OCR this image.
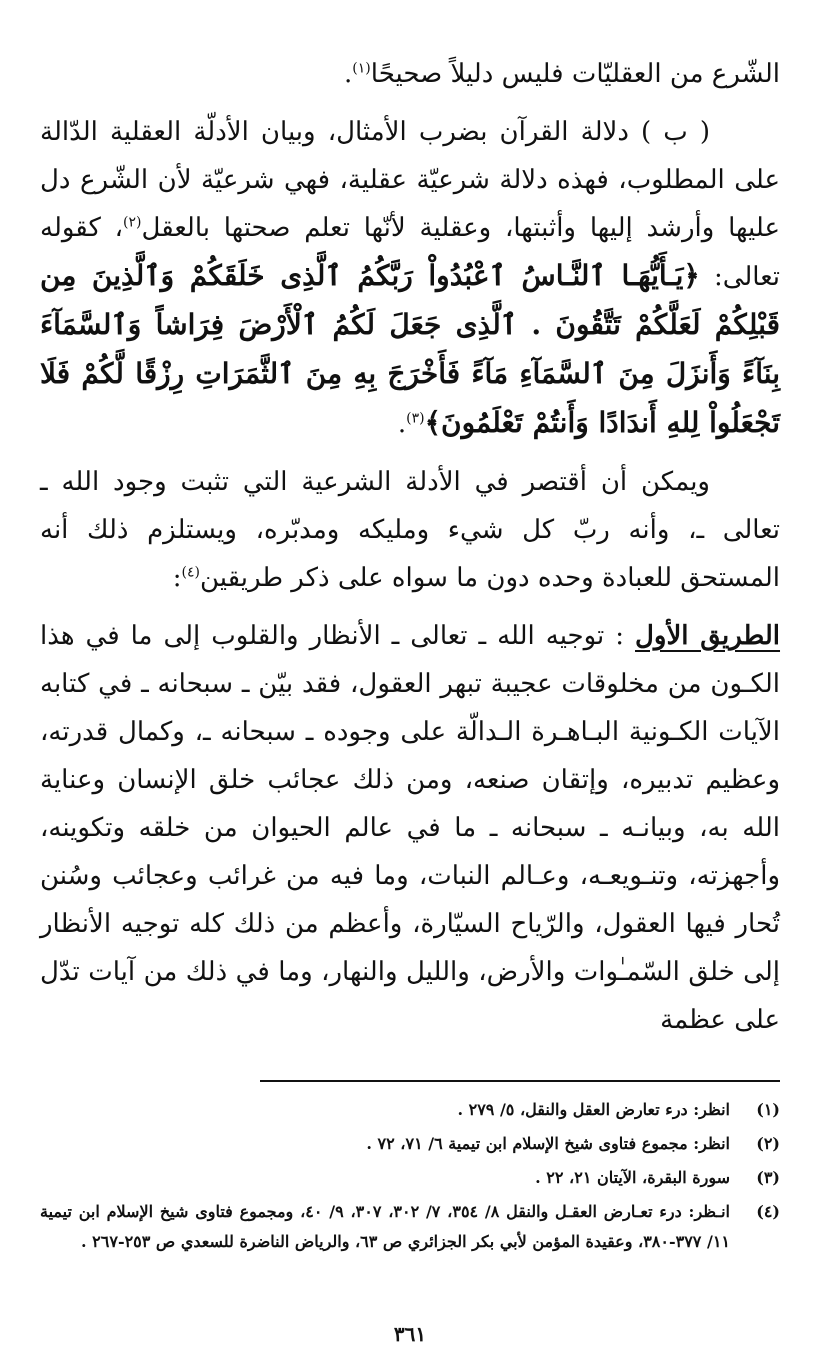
الشّرع من العقليّات فليس دليلاً صحيحًا$^{(١)}$.

( ب ) دلالة القرآن بضرب الأمثال، وبيان الأدلّة العقلية الدّالة على المطلوب، فهذه دلالة شرعيّة عقلية، فهي شرعيّة لأن الشّرع دل عليها وأرشد إليها وأثبتها، وعقلية لأنّها تعلم صحتها بالعقل$^{(٢)}$، كقوله تعالى: ﴿يَـأَيُّهَـا ٱلنَّـاسُ ٱعْبُدُواْ رَبَّكُمُ ٱلَّذِى خَلَقَكُمْ وَٱلَّذِينَ مِن قَبْلِكُمْ لَعَلَّكُمْ تَتَّقُونَ . ٱلَّذِى جَعَلَ لَكُمُ ٱلْأَرْضَ فِرَاشاً وَٱلسَّمَآءَ بِنَآءً وَأَنزَلَ مِنَ ٱلسَّمَآءِ مَآءً فَأَخْرَجَ بِهِ مِنَ ٱلثَّمَرَاتِ رِزْقًا لَّكُمْ فَلَا تَجْعَلُواْ لِلهِ أَندَادًا وَأَنتُمْ تَعْلَمُونَ﴾$^{(٣)}$.

ويمكن أن أقتصر في الأدلة الشرعية التي تثبت وجود الله ـ تعالى ـ، وأنه ربّ كل شيء ومليكه ومدبّره، ويستلزم ذلك أنه المستحق للعبادة وحده دون ما سواه على ذكر طريقين$^{(٤)}$:

الطريق الأول : توجيه الله ـ تعالى ـ الأنظار والقلوب إلى ما في هذا الكـون من مخلوقات عجيبة تبهر العقول، فقد بيّن ـ سبحانه ـ في كتابه الآيات الكـونية البـاهـرة الـدالّة على وجوده ـ سبحانه ـ، وكمال قدرته، وعظيم تدبيره، وإتقان صنعه، ومن ذلك عجائب خلق الإنسان وعناية الله به، وبيانـه ـ سبحانه ـ ما في عالم الحيوان من خلقه وتكوينه، وأجهزته، وتنـويعـه، وعـالم النبات، وما فيه من غرائب وعجائب وسُنن تُحار فيها العقول، والرّياح السيّارة، وأعظم من ذلك كله توجيه الأنظار إلى خلق السّمـٰوات والأرض، والليل والنهار، وما في ذلك من آيات تدّل على عظمة

(١)
انظر: درء تعارض العقل والنقل، ٥/ ٢٧٩ .
(٢)
انظر: مجموع فتاوى شيخ الإسلام ابن تيمية ٦/ ٧١، ٧٢ .
(٣)
سورة البقرة، الآيتان ٢١، ٢٢ .
(٤)
انـظر: درء تعـارض العقـل والنقل ٨/ ٣٥٤، ٧/ ٣٠٢، ٣٠٧، ٩/ ٤٠، ومجموع فتاوى شيخ الإسلام ابن تيمية ١١/ ٣٧٧-٣٨٠، وعقيدة المؤمن لأبي بكر الجزائري ص ٦٣، والرياض الناضرة للسعدي ص ٢٥٣-٢٦٧ .
٣٦١
